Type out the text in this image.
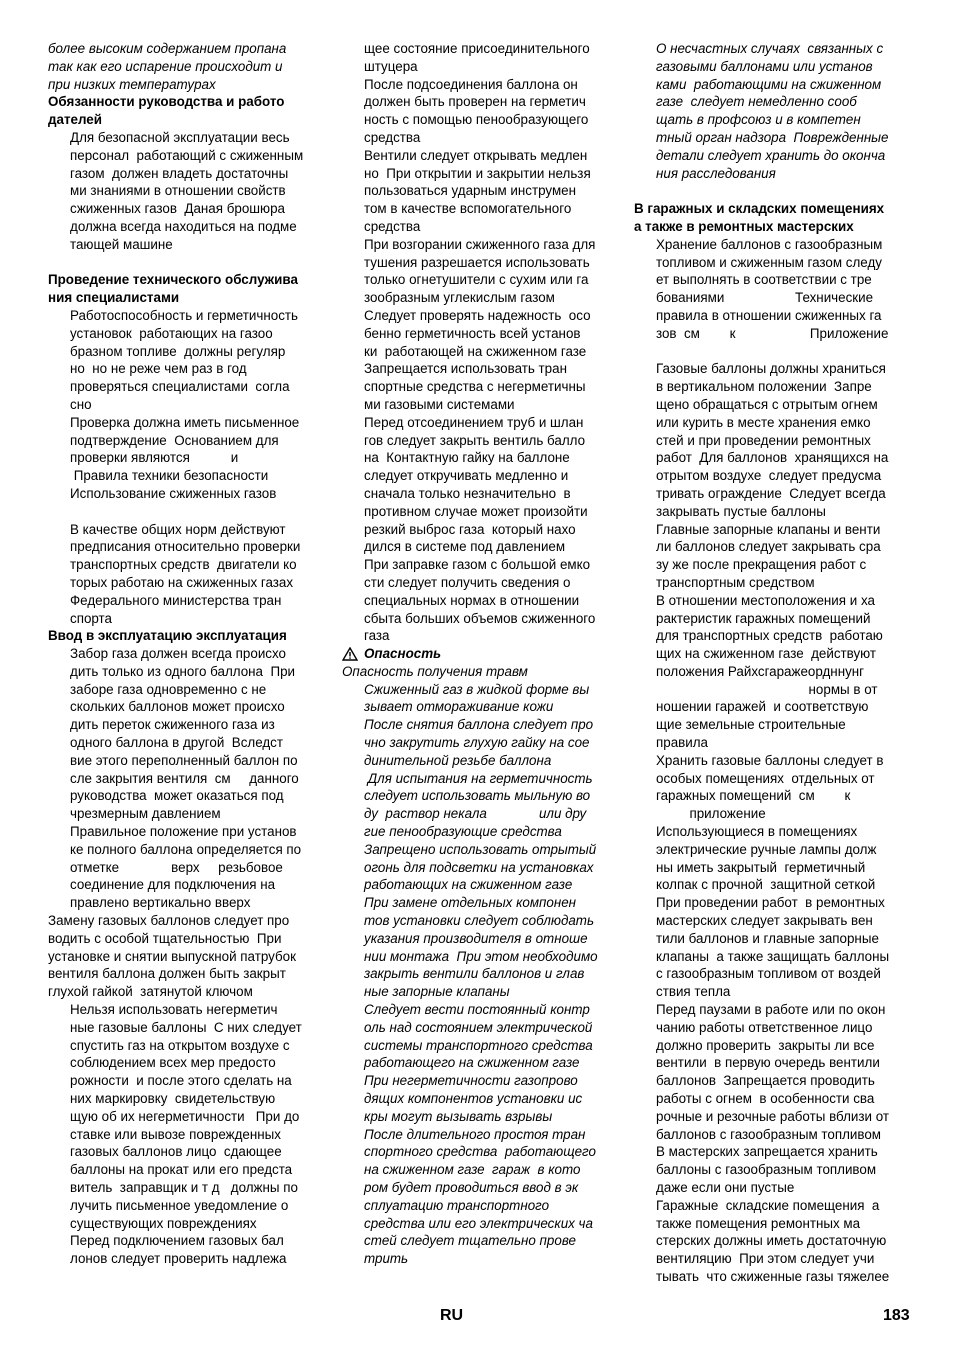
более высоким содержанием пропана
так как его испарение происходит и
при низких температурах
Обязанности руководства и работо
дателей
Для безопасной эксплуатации весь
персонал  работающий с сжиженным
газом  должен владеть достаточны
ми знаниями в отношении свойств
сжиженных газов  Даная брошюра
должна всегда находиться на подме
тающей машине

Проведение технического обслужива
ния специалистами
Работоспособность и герметичность
установок  работающих на газоо
бразном топливе  должны регуляр
но  но не реже чем раз в год
проверяться специалистами  согла
сно
Проверка должна иметь письменное
подтверждение  Основанием для
проверки являются           и
Правила техники безопасности
Использование сжиженных газов

В качестве общих норм действуют
предписания относительно проверки
транспортных средств  двигатели ко
торых работаю на сжиженных газах
Федерального министерства тран
спорта
Ввод в эксплуатацию эксплуатация
Забор газа должен всегда происхо
дить только из одного баллона  При
заборе газа одновременно с не
скольких баллонов может происхо
дить переток сжиженного газа из
одного баллона в другой  Вследст
вие этого переполненный баллон по
сле закрытия вентиля  см     данного
руководства  может оказаться под
чрезмерным давлением
Правильное положение при установ
ке полного баллона определяется по
отметке              верх     резьбовое
соединение для подключения на
правлено вертикально вверх
Замену газовых баллонов следует про
водить с особой тщательностью  При
установке и снятии выпускной патрубок
вентиля баллона должен быть закрыт
глухой гайкой  затянутой ключом
Нельзя использовать негерметич
ные газовые баллоны  С них следует
спустить газ на открытом воздухе с
соблюдением всех мер предосто
рожности  и после этого сделать на
них маркировку  свидетельствую
щую об их негерметичности   При до
ставке или вывозе поврежденных
газовых баллонов лицо  сдающее
баллоны на прокат или его предста
витель  заправщик и т д   должны по
лучить письменное уведомление о
существующих повреждениях
Перед подключением газовых бал
лонов следует проверить надлежа
щее состояние присоединительного
штуцера
После подсоединения баллона он
должен быть проверен на герметич
ность с помощью пенообразующего
средства
Вентили следует открывать медлен
но  При открытии и закрытии нельзя
пользоваться ударным инструмен
том в качестве вспомогательного
средства
При возгорании сжиженного газа для
тушения разрешается использовать
только огнетушители с сухим или га
зообразным углекислым газом
Следует проверять надежность  осо
бенно герметичность всей установ
ки  работающей на сжиженном газе
Запрещается использовать тран
спортные средства с негерметичны
ми газовыми системами
Перед отсоединением труб и шлан
гов следует закрыть вентиль балло
на  Контактную гайку на баллоне
следует откручивать медленно и
сначала только незначительно  в
противном случае может произойти
резкий выброс газа  который нахо
дился в системе под давлением
При заправке газом с большой емко
сти следует получить сведения о
специальных нормах в отношении
сбыта больших объемов сжиженного
газа
Опасность
Опасность получения травм
Сжиженный газ в жидкой форме вы
зывает отмораживание кожи
После снятия баллона следует про
чно закрутить глухую гайку на сое
динительной резьбе баллона
Для испытания на герметичность
следует использовать мыльную во
ду  раствор некала              или дру
гие пенообразующие средства
Запрещено использовать отрытый
огонь для подсветки на установках
работающих на сжиженном газе
При замене отдельных компонен
тов установки следует соблюдать
указания производителя в отноше
нии монтажа  При этом необходимо
закрыть вентили баллонов и глав
ные запорные клапаны
Следует вести постоянный контр
оль над состоянием электрической
системы транспортного средства
работающего на сжиженном газе
При негерметичности газопрово
дящих компонентов установки ис
кры могут вызывать взрывы
После длительного простоя тран
спортного средства  работающего
на сжиженном газе  гараж  в кото
ром будет проводиться ввод в эк
сплуатацию транспортного
средства или его электрических ча
стей следует тщательно прове
трить
О несчастных случаях  связанных с
газовыми баллонами или установ
ками  работающими на сжиженном
газе  следует немедленно сооб
щать в профсоюз и в компетен
тный орган надзора  Поврежденные
детали следует хранить до оконча
ния расследования

В гаражных и складских помещениях
а также в ремонтных мастерских
Хранение баллонов с газообразным
топливом и сжиженным газом следу
ет выполнять в соответствии с тре
бованиями                   Технические
правила в отношении сжиженных га
зов  см        к                    Приложение

Газовые баллоны должны храниться
в вертикальном положении  Запре
щено обращаться с отрытым огнем
или курить в месте хранения емко
стей и при проведении ремонтных
работ  Для баллонов  хранящихся на
отрытом воздухе  следует предусма
тривать ограждение  Следует всегда
закрывать пустые баллоны
Главные запорные клапаны и венти
ли баллонов следует закрывать сра
зу же после прекращения работ с
транспортным средством
В отношении местоположения и ха
рактеристик гаражных помещений
для транспортных средств  работаю
щих на сжиженном газе  действуют
положения Райхсгаражеордннунг
нормы в от
ношении гаражей  и соответствую
щие земельные строительные
правила
Хранить газовые баллоны следует в
особых помещениях  отдельных от
гаражных помещений  см        к
приложение
Использующиеся в помещениях
электрические ручные лампы долж
ны иметь закрытый  герметичный
колпак с прочной  защитной сеткой
При проведении работ  в ремонтных
мастерских следует закрывать вен
тили баллонов и главные запорные
клапаны  а также защищать баллоны
с газообразным топливом от воздей
ствия тепла
Перед паузами в работе или по окон
чанию работы ответственное лицо
должно проверить  закрыты ли все
вентили  в первую очередь вентили
баллонов  Запрещается проводить
работы с огнем  в особенности сва
рочные и резочные работы вблизи от
баллонов с газообразным топливом
В мастерских запрещается хранить
баллоны с газообразным топливом
даже если они пустые
Гаражные  складские помещения  а
также помещения ремонтных ма
стерских должны иметь достаточную
вентиляцию  При этом следует учи
тывать  что сжиженные газы тяжелее
RU	183
